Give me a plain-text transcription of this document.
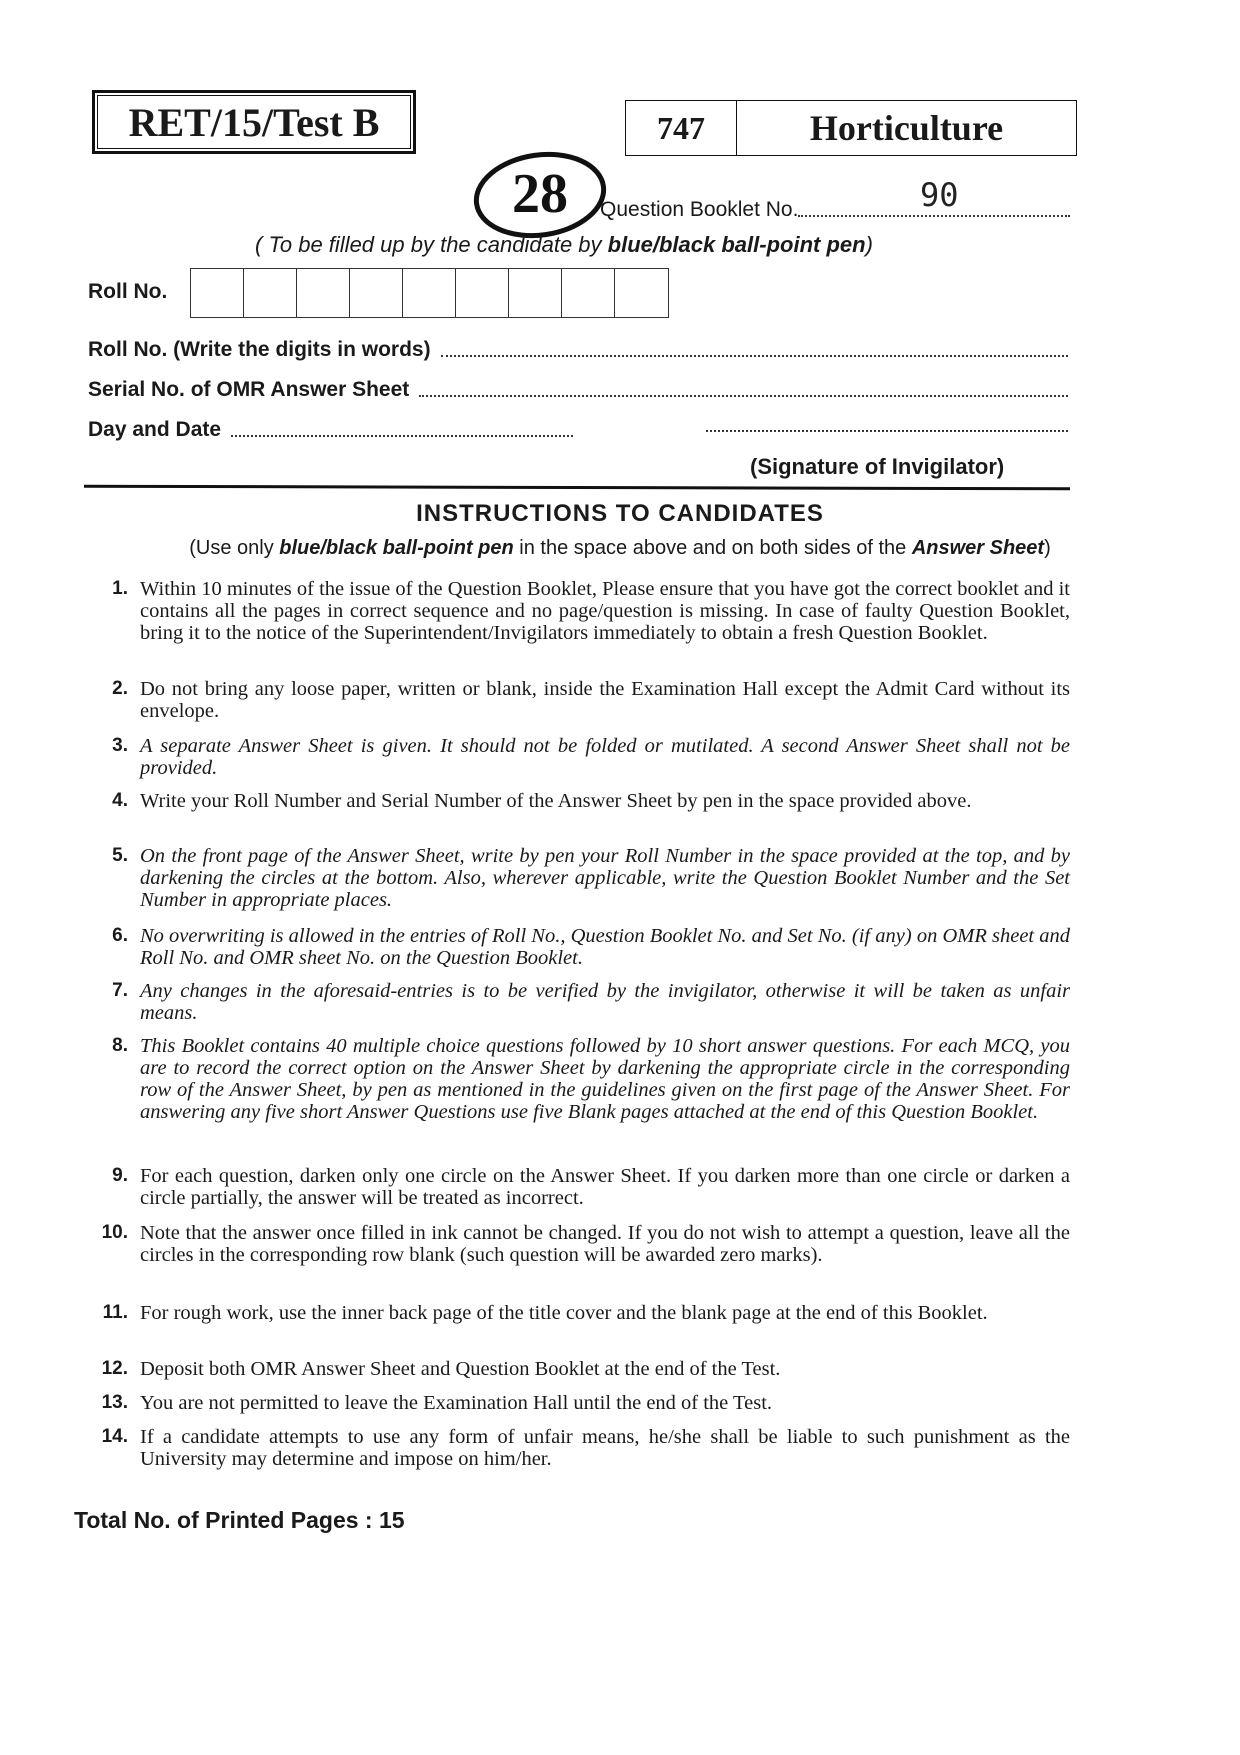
RET/15/Test B	747	Horticulture
28 Question Booklet No.	90
( To be filled up by the candidate by blue/black ball-point pen)
Roll No.
Roll No. (Write the digits in words)
Serial No. of OMR Answer Sheet
Day and Date
(Signature of Invigilator)
INSTRUCTIONS TO CANDIDATES
(Use only blue/black ball-point pen in the space above and on both sides of the Answer Sheet)
1. Within 10 minutes of the issue of the Question Booklet, Please ensure that you have got the correct booklet and it contains all the pages in correct sequence and no page/question is missing. In case of faulty Question Booklet, bring it to the notice of the Superintendent/Invigilators immediately to obtain a fresh Question Booklet.
2. Do not bring any loose paper, written or blank, inside the Examination Hall except the Admit Card without its envelope.
3. A separate Answer Sheet is given. It should not be folded or mutilated. A second Answer Sheet shall not be provided.
4. Write your Roll Number and Serial Number of the Answer Sheet by pen in the space provided above.
5. On the front page of the Answer Sheet, write by pen your Roll Number in the space provided at the top, and by darkening the circles at the bottom. Also, wherever applicable, write the Question Booklet Number and the Set Number in appropriate places.
6. No overwriting is allowed in the entries of Roll No., Question Booklet No. and Set No. (if any) on OMR sheet and Roll No. and OMR sheet No. on the Question Booklet.
7. Any changes in the aforesaid-entries is to be verified by the invigilator, otherwise it will be taken as unfair means.
8. This Booklet contains 40 multiple choice questions followed by 10 short answer questions. For each MCQ, you are to record the correct option on the Answer Sheet by darkening the appropriate circle in the corresponding row of the Answer Sheet, by pen as mentioned in the guidelines given on the first page of the Answer Sheet. For answering any five short Answer Questions use five Blank pages attached at the end of this Question Booklet.
9. For each question, darken only one circle on the Answer Sheet. If you darken more than one circle or darken a circle partially, the answer will be treated as incorrect.
10. Note that the answer once filled in ink cannot be changed. If you do not wish to attempt a question, leave all the circles in the corresponding row blank (such question will be awarded zero marks).
11. For rough work, use the inner back page of the title cover and the blank page at the end of this Booklet.
12. Deposit both OMR Answer Sheet and Question Booklet at the end of the Test.
13. You are not permitted to leave the Examination Hall until the end of the Test.
14. If a candidate attempts to use any form of unfair means, he/she shall be liable to such punishment as the University may determine and impose on him/her.
Total No. of Printed Pages : 15
